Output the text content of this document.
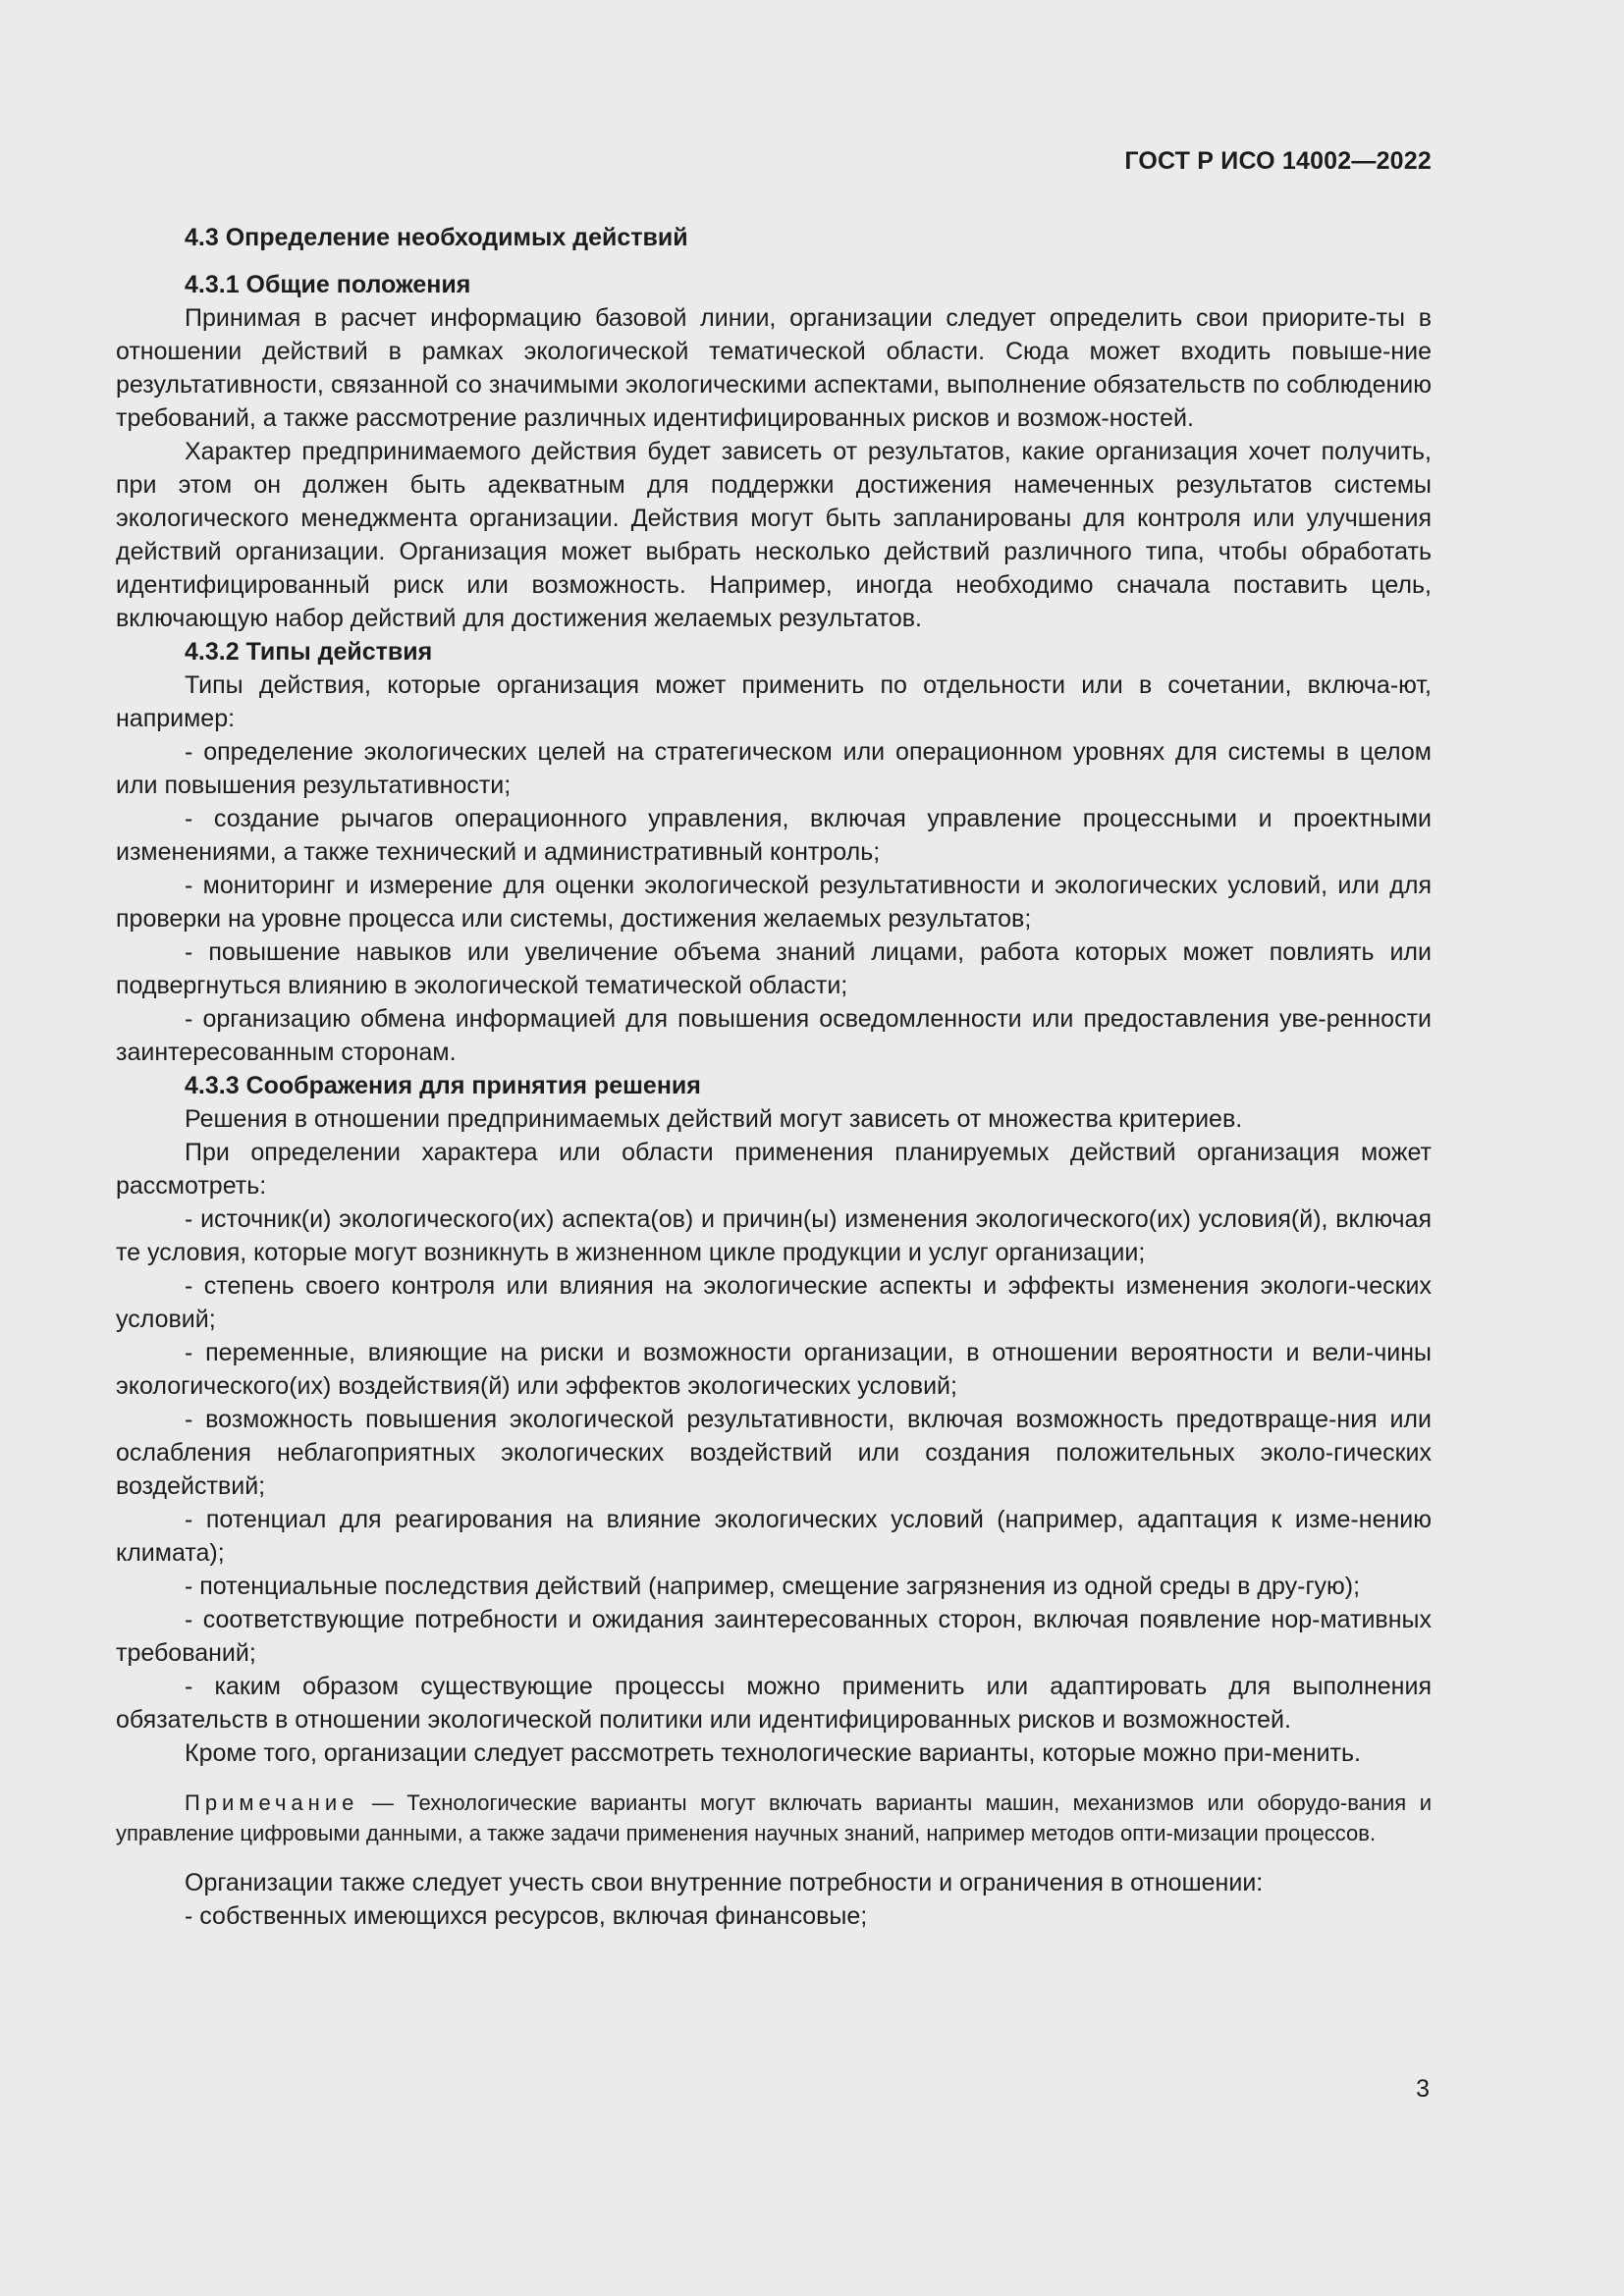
ГОСТ Р ИСО 14002—2022
4.3 Определение необходимых действий
4.3.1 Общие положения

Принимая в расчет информацию базовой линии, организации следует определить свои приорите-ты в отношении действий в рамках экологической тематической области. Сюда может входить повыше-ние результативности, связанной со значимыми экологическими аспектами, выполнение обязательств по соблюдению требований, а также рассмотрение различных идентифицированных рисков и возмож-ностей.

Характер предпринимаемого действия будет зависеть от результатов, какие организация хочет получить, при этом он должен быть адекватным для поддержки достижения намеченных результатов системы экологического менеджмента организации. Действия могут быть запланированы для контроля или улучшения действий организации. Организация может выбрать несколько действий различного типа, чтобы обработать идентифицированный риск или возможность. Например, иногда необходимо сначала поставить цель, включающую набор действий для достижения желаемых результатов.

4.3.2 Типы действия

Типы действия, которые организация может применить по отдельности или в сочетании, включа-ют, например:

- определение экологических целей на стратегическом или операционном уровнях для системы в целом или повышения результативности;

- создание рычагов операционного управления, включая управление процессными и проектными изменениями, а также технический и административный контроль;

- мониторинг и измерение для оценки экологической результативности и экологических условий, или для проверки на уровне процесса или системы, достижения желаемых результатов;

- повышение навыков или увеличение объема знаний лицами, работа которых может повлиять или подвергнуться влиянию в экологической тематической области;

- организацию обмена информацией для повышения осведомленности или предоставления уве-ренности заинтересованным сторонам.

4.3.3 Соображения для принятия решения

Решения в отношении предпринимаемых действий могут зависеть от множества критериев.

При определении характера или области применения планируемых действий организация может рассмотреть:

- источник(и) экологического(их) аспекта(ов) и причин(ы) изменения экологического(их) условия(й), включая те условия, которые могут возникнуть в жизненном цикле продукции и услуг организации;

- степень своего контроля или влияния на экологические аспекты и эффекты изменения экологи-ческих условий;

- переменные, влияющие на риски и возможности организации, в отношении вероятности и вели-чины экологического(их) воздействия(й) или эффектов экологических условий;

- возможность повышения экологической результативности, включая возможность предотвраще-ния или ослабления неблагоприятных экологических воздействий или создания положительных эколо-гических воздействий;

- потенциал для реагирования на влияние экологических условий (например, адаптация к изме-нению климата);

- потенциальные последствия действий (например, смещение загрязнения из одной среды в дру-гую);

- соответствующие потребности и ожидания заинтересованных сторон, включая появление нор-мативных требований;

- каким образом существующие процессы можно применить или адаптировать для выполнения обязательств в отношении экологической политики или идентифицированных рисков и возможностей.

Кроме того, организации следует рассмотреть технологические варианты, которые можно при-менить.

Примечание — Технологические варианты могут включать варианты машин, механизмов или оборудо-вания и управление цифровыми данными, а также задачи применения научных знаний, например методов опти-мизации процессов.

Организации также следует учесть свои внутренние потребности и ограничения в отношении:

- собственных имеющихся ресурсов, включая финансовые;

3
